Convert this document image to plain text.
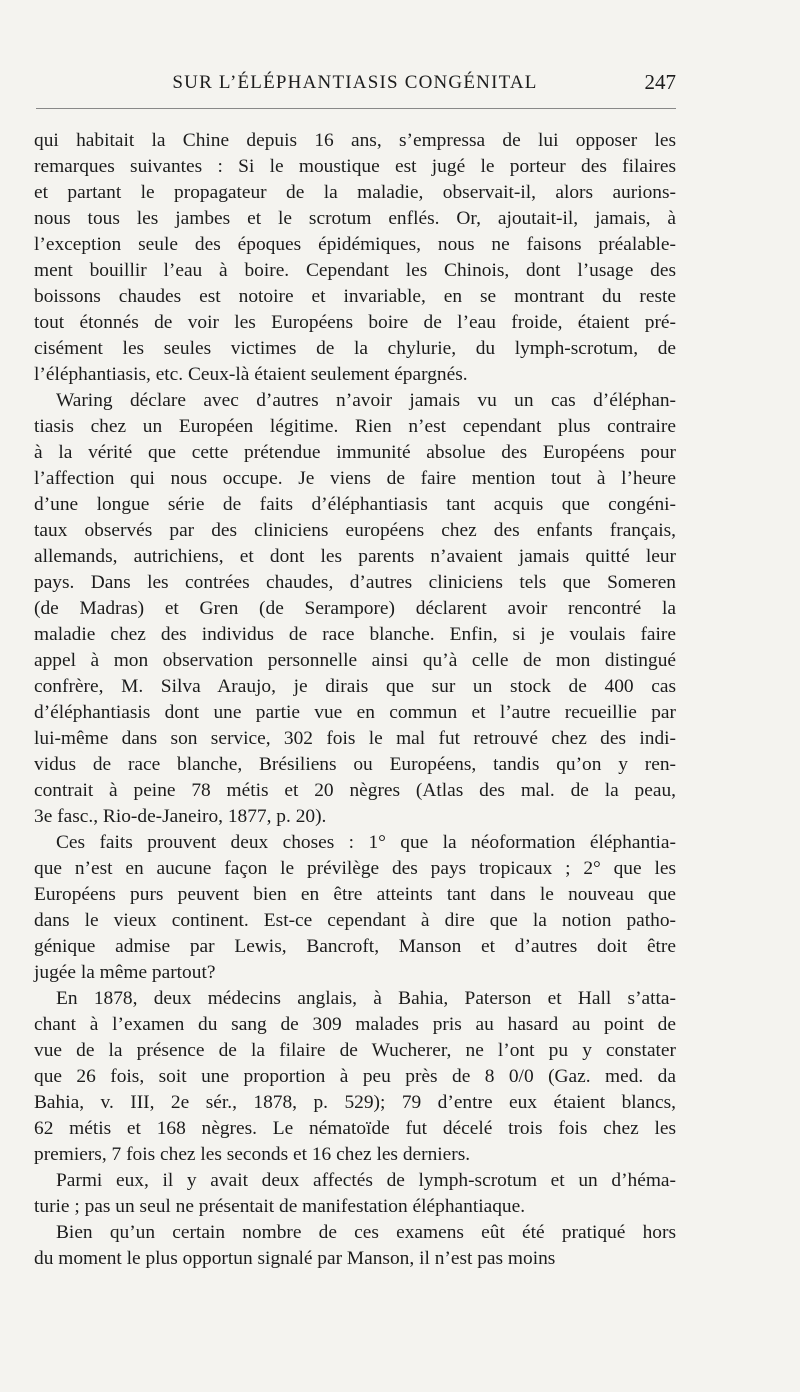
SUR L’ÉLÉPHANTIASIS CONGÉNITAL	247
qui habitait la Chine depuis 16 ans, s’empressa de lui opposer les
remarques suivantes : Si le moustique est jugé le porteur des filaires
et partant le propagateur de la maladie, observait-il, alors aurions-
nous tous les jambes et le scrotum enflés. Or, ajoutait-il, jamais, à
l’exception seule des époques épidémiques, nous ne faisons préalable-
ment bouillir l’eau à boire. Cependant les Chinois, dont l’usage des
boissons chaudes est notoire et invariable, en se montrant du reste
tout étonnés de voir les Européens boire de l’eau froide, étaient pré-
cisément les seules victimes de la chylurie, du lymph-scrotum, de
l’éléphantiasis, etc. Ceux-là étaient seulement épargnés.
Waring déclare avec d’autres n’avoir jamais vu un cas d’éléphan-
tiasis chez un Européen légitime. Rien n’est cependant plus contraire
à la vérité que cette prétendue immunité absolue des Européens pour
l’affection qui nous occupe. Je viens de faire mention tout à l’heure
d’une longue série de faits d’éléphantiasis tant acquis que congéni-
taux observés par des cliniciens européens chez des enfants français,
allemands, autrichiens, et dont les parents n’avaient jamais quitté leur
pays. Dans les contrées chaudes, d’autres cliniciens tels que Someren
(de Madras) et Gren (de Serampore) déclarent avoir rencontré la
maladie chez des individus de race blanche. Enfin, si je voulais faire
appel à mon observation personnelle ainsi qu’à celle de mon distingué
confrère, M. Silva Araujo, je dirais que sur un stock de 400 cas
d’éléphantiasis dont une partie vue en commun et l’autre recueillie par
lui-même dans son service, 302 fois le mal fut retrouvé chez des indi-
vidus de race blanche, Brésiliens ou Européens, tandis qu’on y ren-
contrait à peine 78 métis et 20 nègres (Atlas des mal. de la peau,
3e fasc., Rio-de-Janeiro, 1877, p. 20).
Ces faits prouvent deux choses : 1° que la néoformation éléphantia-
que n’est en aucune façon le prévilège des pays tropicaux ; 2° que les
Européens purs peuvent bien en être atteints tant dans le nouveau que
dans le vieux continent. Est-ce cependant à dire que la notion patho-
génique admise par Lewis, Bancroft, Manson et d’autres doit être
jugée la même partout?
En 1878, deux médecins anglais, à Bahia, Paterson et Hall s’atta-
chant à l’examen du sang de 309 malades pris au hasard au point de
vue de la présence de la filaire de Wucherer, ne l’ont pu y constater
que 26 fois, soit une proportion à peu près de 8 0/0 (Gaz. med. da
Bahia, v. III, 2e sér., 1878, p. 529); 79 d’entre eux étaient blancs,
62 métis et 168 nègres. Le nématoïde fut décelé trois fois chez les
premiers, 7 fois chez les seconds et 16 chez les derniers.
Parmi eux, il y avait deux affectés de lymph-scrotum et un d’héma-
turie ; pas un seul ne présentait de manifestation éléphantiaque.
Bien qu’un certain nombre de ces examens eût été pratiqué hors
du moment le plus opportun signalé par Manson, il n’est pas moins
